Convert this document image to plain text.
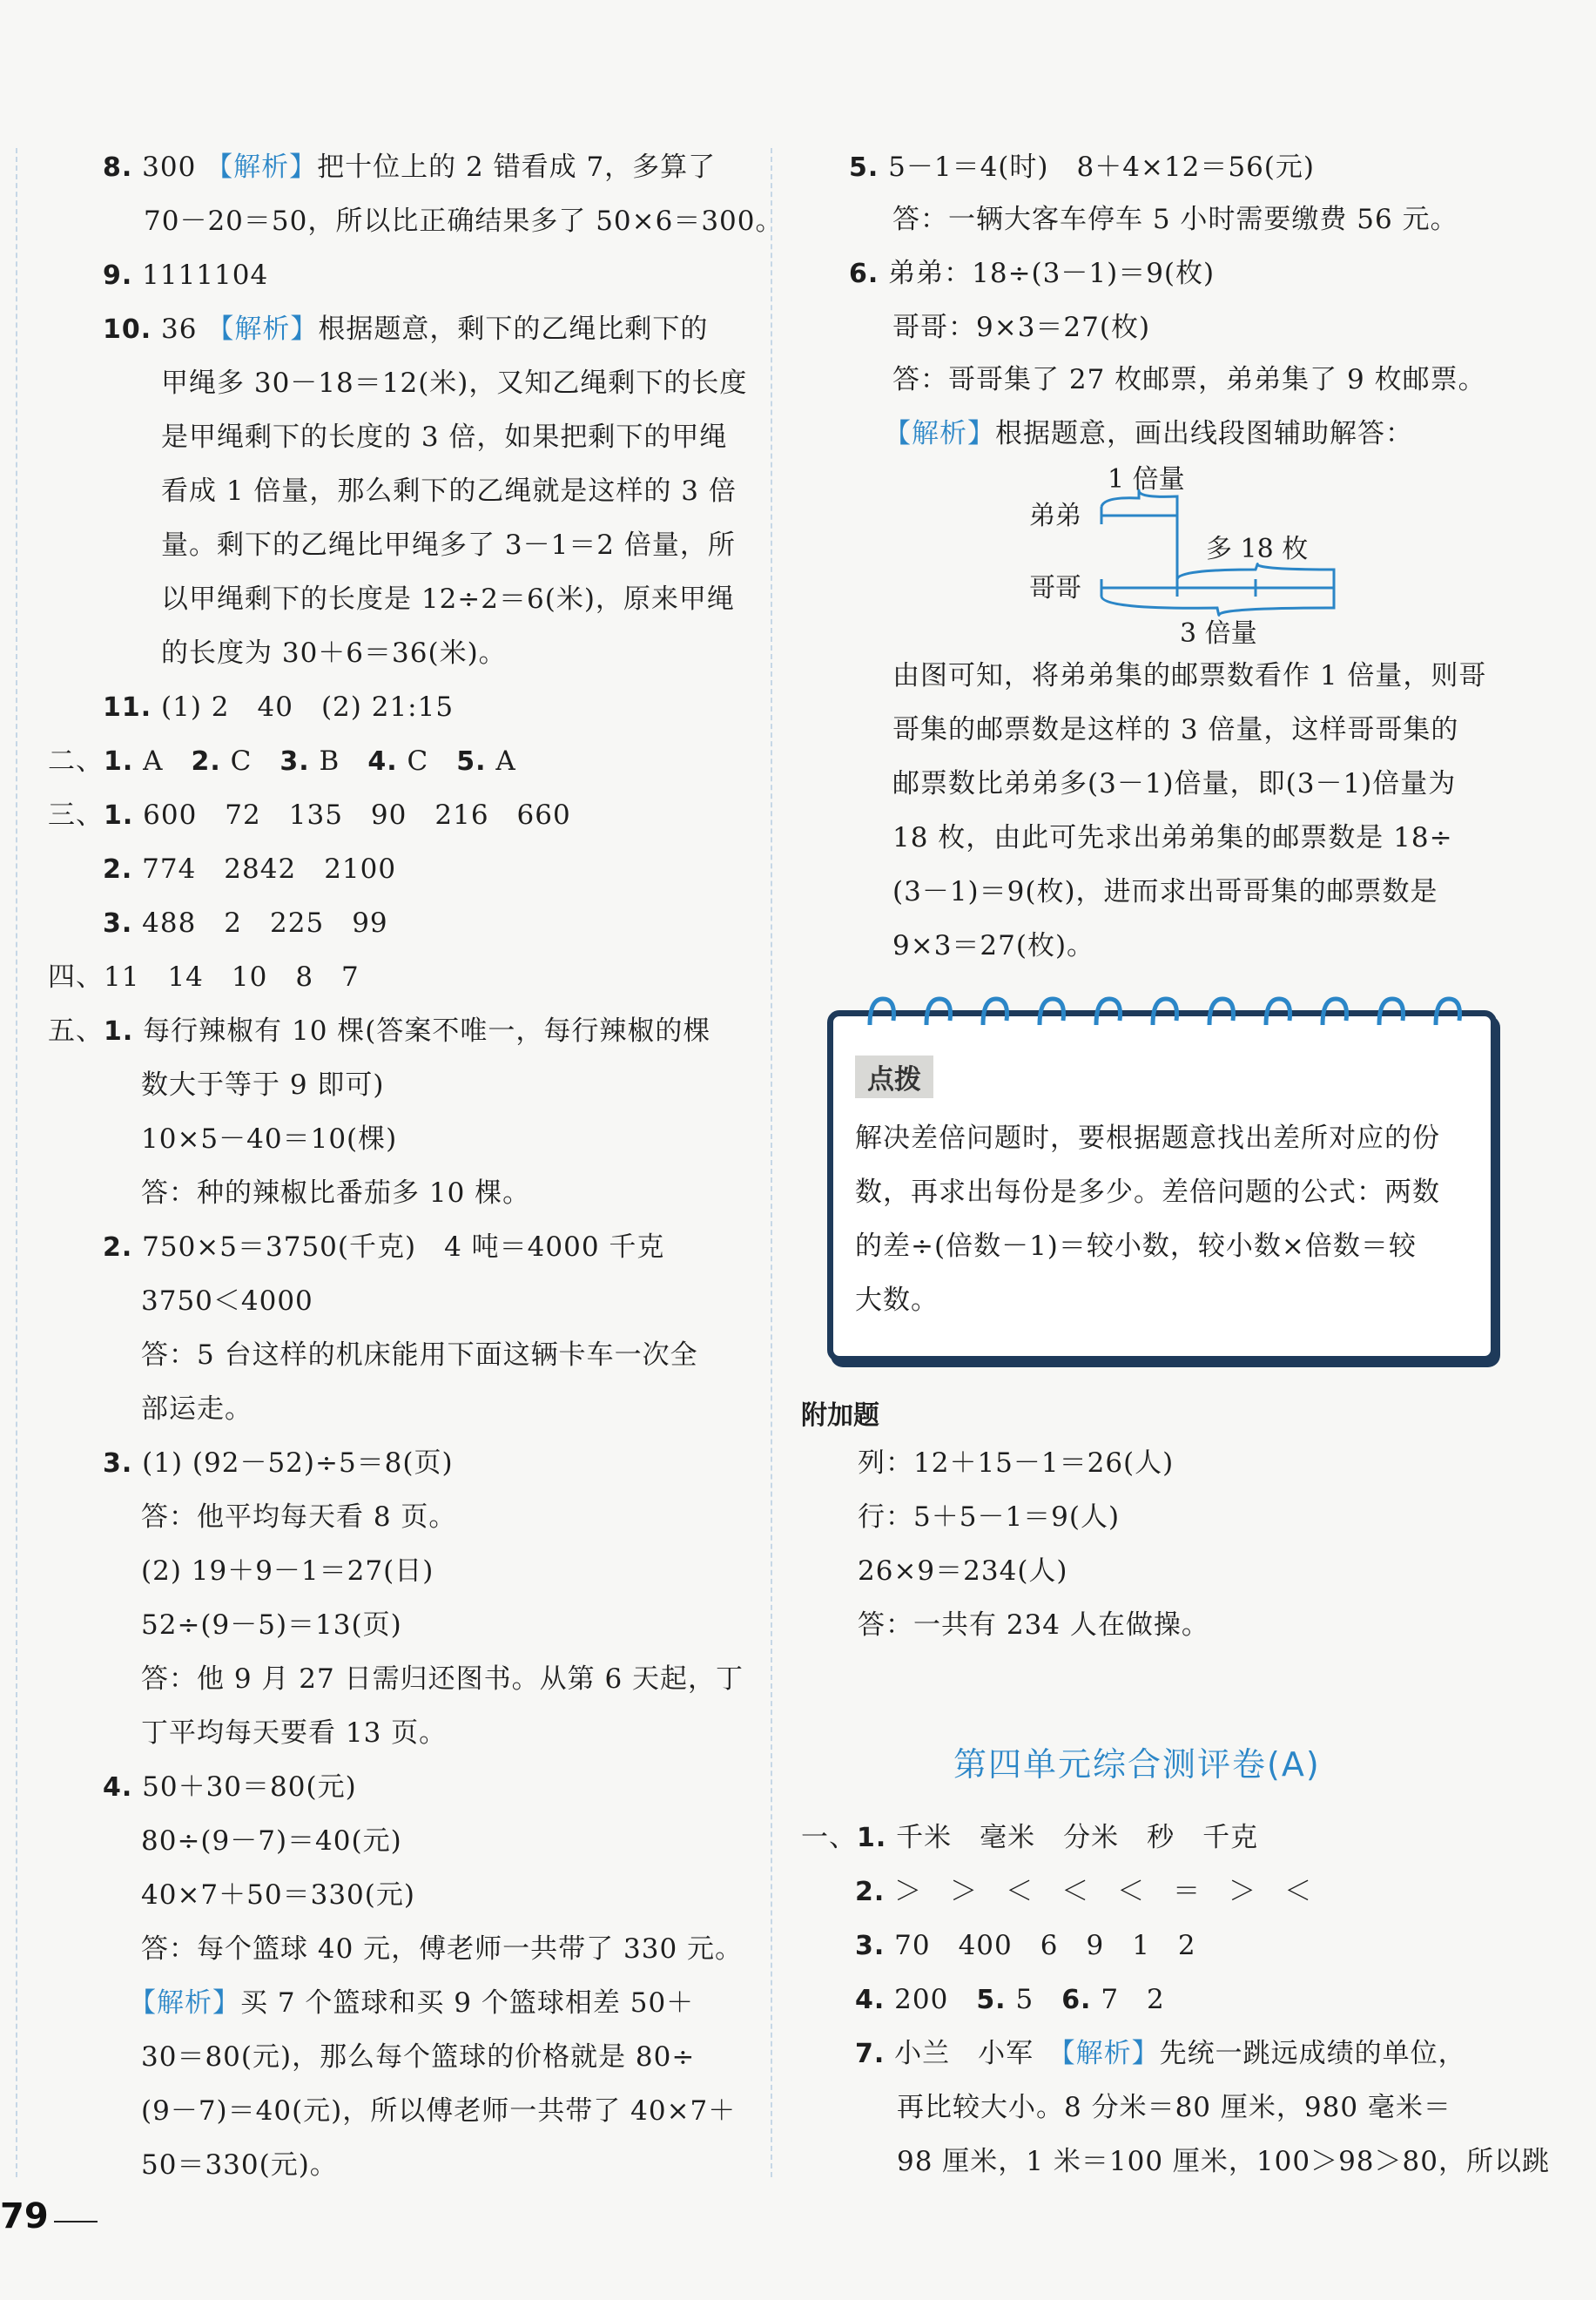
8. 300 【解析】把十位上的 2 错看成 7，多算了
70－20＝50，所以比正确结果多了 50×6＝300。
9. 1111104
10. 36 【解析】根据题意，剩下的乙绳比剩下的
甲绳多 30－18＝12(米)，又知乙绳剩下的长度
是甲绳剩下的长度的 3 倍，如果把剩下的甲绳
看成 1 倍量，那么剩下的乙绳就是这样的 3 倍
量。剩下的乙绳比甲绳多了 3－1＝2 倍量，所
以甲绳剩下的长度是 12÷2＝6(米)，原来甲绳
的长度为 30＋6＝36(米)。
11. (1) 2　40　(2) 21:15
二、1. A　 2. C　 3. B　 4. C　 5. A
三、1. 600　72　135　90　216　660
2. 774　2842　2100
3. 488　2　225　99
四、11　14　10　8　7
五、1. 每行辣椒有 10 棵(答案不唯一，每行辣椒的棵
数大于等于 9 即可)
10×5－40＝10(棵)
答：种的辣椒比番茄多 10 棵。
2. 750×5＝3750(千克)　4 吨＝4000 千克
3750＜4000
答：5 台这样的机床能用下面这辆卡车一次全
部运走。
3. (1) (92－52)÷5＝8(页)
答：他平均每天看 8 页。
(2) 19＋9－1＝27(日)
52÷(9－5)＝13(页)
答：他 9 月 27 日需归还图书。从第 6 天起，丁
丁平均每天要看 13 页。
4. 50＋30＝80(元)
80÷(9－7)＝40(元)
40×7＋50＝330(元)
答：每个篮球 40 元，傅老师一共带了 330 元。
【解析】买 7 个篮球和买 9 个篮球相差 50＋
30＝80(元)，那么每个篮球的价格就是 80÷
(9－7)＝40(元)，所以傅老师一共带了 40×7＋
50＝330(元)。
5. 5－1＝4(时)　8＋4×12＝56(元)
答：一辆大客车停车 5 小时需要缴费 56 元。
6. 弟弟：18÷(3－1)＝9(枚)
哥哥：9×3＝27(枚)
答：哥哥集了 27 枚邮票，弟弟集了 9 枚邮票。
【解析】根据题意，画出线段图辅助解答：
弟弟
哥哥
1 倍量
多 18 枚
3 倍量
由图可知，将弟弟集的邮票数看作 1 倍量，则哥
哥集的邮票数是这样的 3 倍量，这样哥哥集的
邮票数比弟弟多(3－1)倍量，即(3－1)倍量为
18 枚，由此可先求出弟弟集的邮票数是 18÷
(3－1)＝9(枚)，进而求出哥哥集的邮票数是
9×3＝27(枚)。
点拨
解决差倍问题时，要根据题意找出差所对应的份
数，再求出每份是多少。差倍问题的公式：两数
的差÷(倍数－1)＝较小数，较小数×倍数＝较
大数。
附加题
列：12＋15－1＝26(人)
行：5＋5－1＝9(人)
26×9＝234(人)
答：一共有 234 人在做操。
第四单元综合测评卷(A)
一、1. 千米　毫米　分米　秒　千克
2. ＞　＞　＜　＜　＜　＝　＞　＜
3. 70　400　6　9　1　2
4. 200　5. 5　6. 7　2
7. 小兰　小军　【解析】先统一跳远成绩的单位，
再比较大小。8 分米＝80 厘米，980 毫米＝
98 厘米，1 米＝100 厘米，100＞98＞80，所以跳
79
